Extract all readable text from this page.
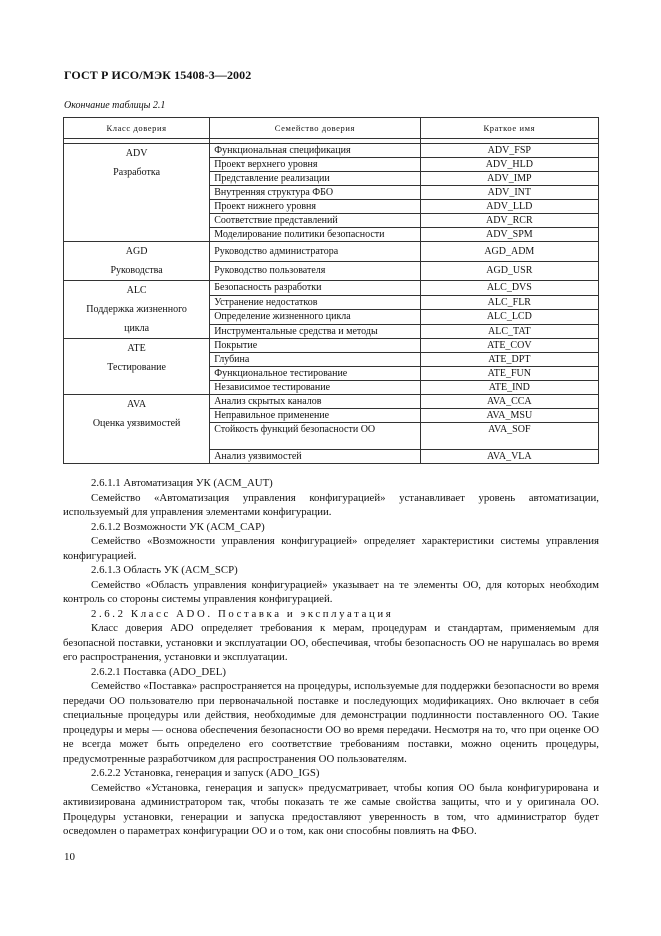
ГОСТ Р ИСО/МЭК 15408-3—2002
Окончание таблицы 2.1
Класс доверия	Семейство доверия	Краткое имя

ADV
Разработка	Функциональная спецификация	ADV_FSP
	Проект верхнего уровня	ADV_HLD
	Представление реализации	ADV_IMP
	Внутренняя структура ФБО	ADV_INT
	Проект нижнего уровня	ADV_LLD
	Соответствие представлений	ADV_RCR
	Моделирование политики безопасности	ADV_SPM

AGD
Руководства	Руководство администратора	AGD_ADM
	Руководство пользователя	AGD_USR

ALC
Поддержка жизненного
цикла	Безопасность разработки	ALC_DVS
	Устранение недостатков	ALC_FLR
	Определение жизненного цикла	ALC_LCD
	Инструментальные средства и методы	ALC_TAT

ATE
Тестирование	Покрытие	ATE_COV
	Глубина	ATE_DPT
	Функциональное тестирование	ATE_FUN
	Независимое тестирование	ATE_IND

AVA
Оценка уязвимостей	Анализ скрытых каналов	AVA_CCA
	Неправильное применение	AVA_MSU
	Стойкость функций безопасности ОО	AVA_SOF
	Анализ уязвимостей	AVA_VLA

2.6.1.1 Автоматизация УК (ACM_AUT)

Семейство «Автоматизация управления конфигурацией» устанавливает уровень автоматизации, используемый для управления элементами конфигурации.

2.6.1.2 Возможности УК (ACM_CAP)

Семейство «Возможности управления конфигурацией» определяет характеристики системы управления конфигурацией.

2.6.1.3 Область УК (ACM_SCP)

Семейство «Область управления конфигурацией» указывает на те элементы ОО, для которых необходим контроль со стороны системы управления конфигурацией.

2.6.2 Класс ADO. Поставка и эксплуатация

Класс доверия ADO определяет требования к мерам, процедурам и стандартам, применяемым для безопасной поставки, установки и эксплуатации ОО, обеспечивая, чтобы безопасность ОО не нарушалась во время его распространения, установки и эксплуатации.

2.6.2.1 Поставка (ADO_DEL)

Семейство «Поставка» распространяется на процедуры, используемые для поддержки безопасности во время передачи ОО пользователю при первоначальной поставке и последующих модификациях. Оно включает в себя специальные процедуры или действия, необходимые для демонстрации подлинности поставленного ОО. Такие процедуры и меры — основа обеспечения безопасности ОО во время передачи. Несмотря на то, что при оценке ОО не всегда может быть определено его соответствие требованиям поставки, можно оценить процедуры, предусмотренные разработчиком для распространения ОО пользователям.

2.6.2.2 Установка, генерация и запуск (ADO_IGS)

Семейство «Установка, генерация и запуск» предусматривает, чтобы копия ОО была конфигурирована и активизирована администратором так, чтобы показать те же самые свойства защиты, что и у оригинала ОО. Процедуры установки, генерации и запуска предоставляют уверенность в том, что администратор будет осведомлен о параметрах конфигурации ОО и о том, как они способны повлиять на ФБО.

10
